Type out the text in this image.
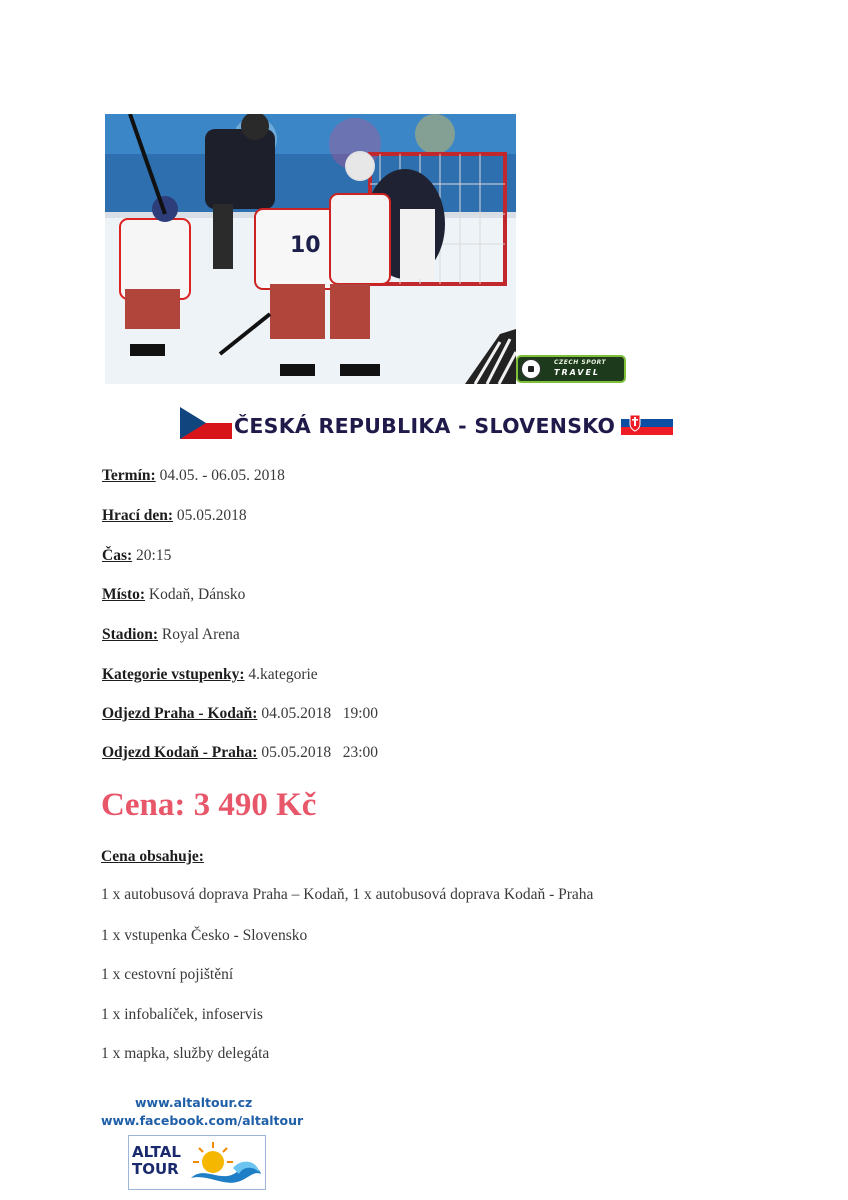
10
CZECH SPORT
TRAVEL
ČESKÁ REPUBLIKA - SLOVENSKO
Termín: 04.05. - 06.05. 2018
Hrací den: 05.05.2018
Čas: 20:15
Místo: Kodaň, Dánsko
Stadion: Royal Arena
Kategorie vstupenky: 4.kategorie
Odjezd Praha - Kodaň: 04.05.2018   19:00
Odjezd Kodaň - Praha: 05.05.2018   23:00
Cena: 3 490 Kč
Cena obsahuje:
1 x autobusová doprava Praha – Kodaň, 1 x autobusová doprava Kodaň - Praha
1 x vstupenka Česko - Slovensko
1 x cestovní pojištění
1 x infobalíček, infoservis
1 x mapka, služby delegáta
www.altaltour.cz
www.facebook.com/altaltour
ALTAL
TOUR
